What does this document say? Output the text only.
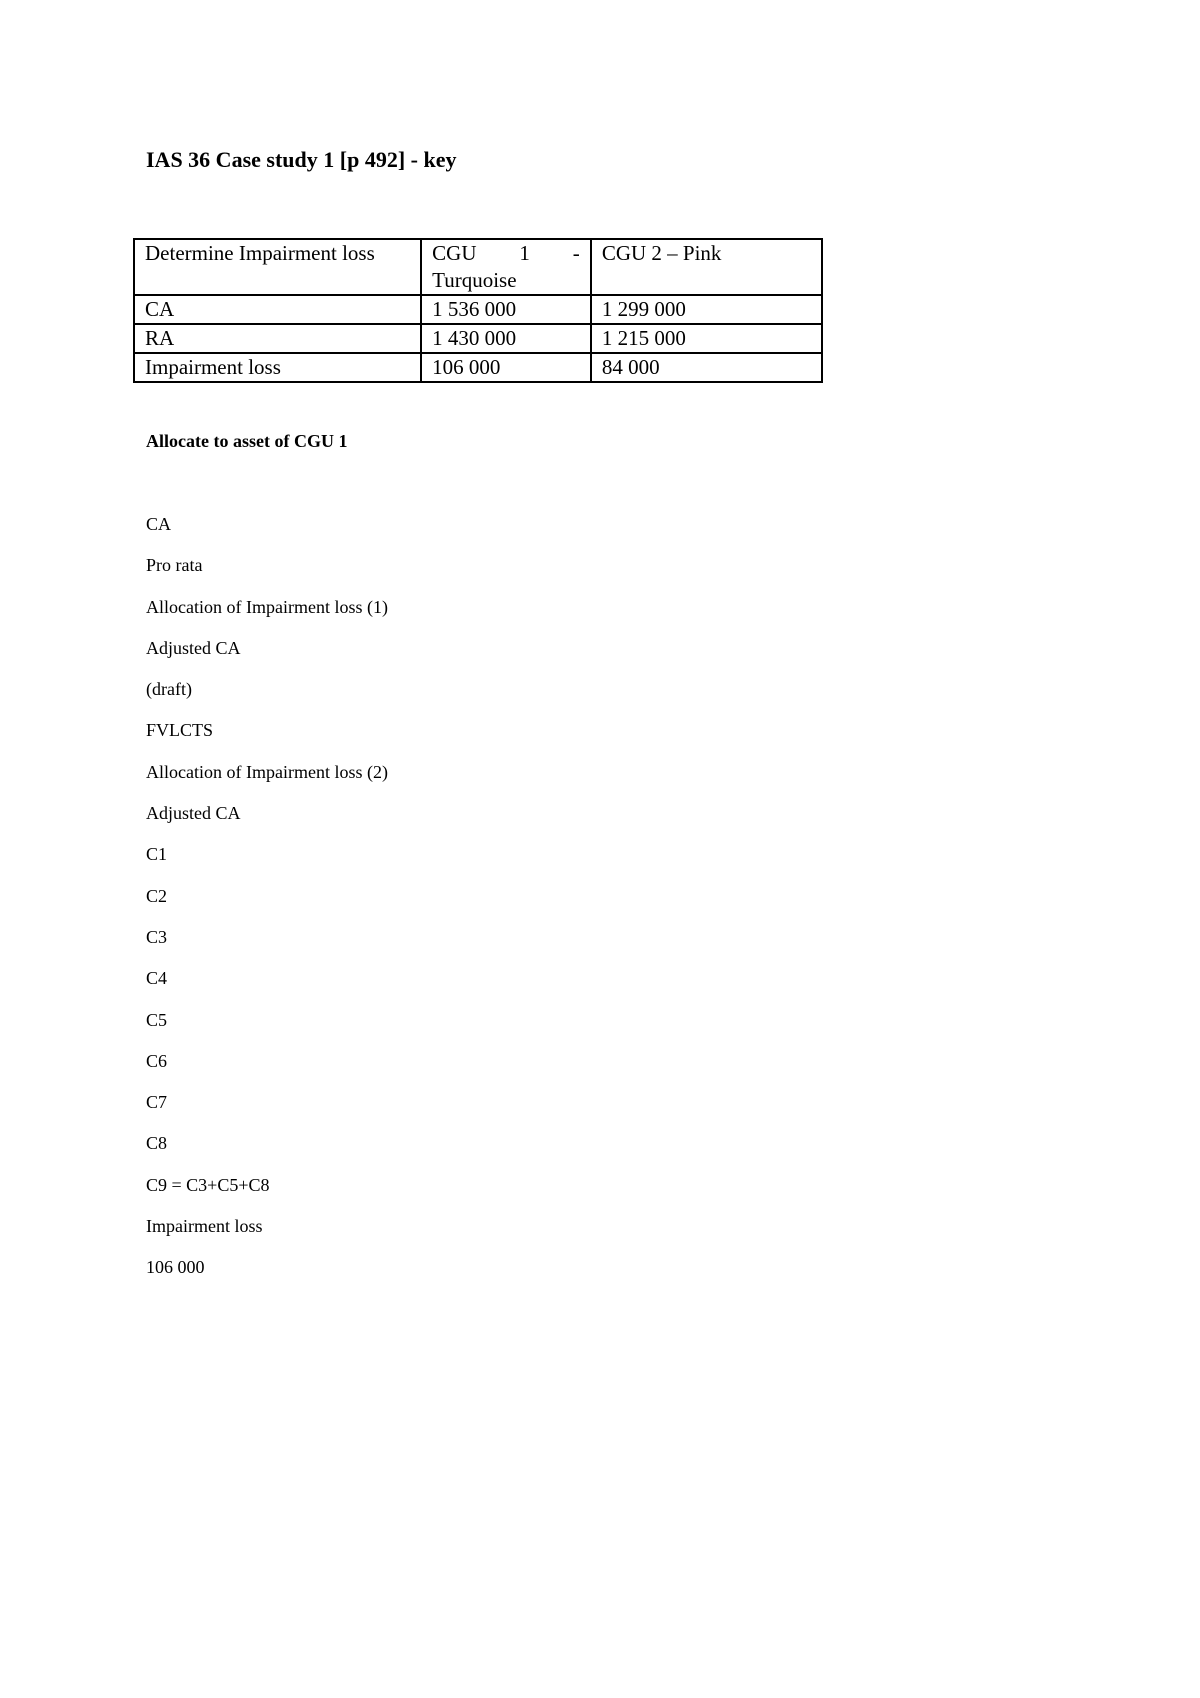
IAS 36 Case study 1 [p 492] - key
Determine Impairment loss	CGU 1 - Turquoise	CGU 2 – Pink
CA	1 536 000	1 299 000
RA	1 430 000	1 215 000
Impairment loss	106 000	84 000
Allocate to asset of CGU 1
CA
Pro rata
Allocation of Impairment loss (1)
Adjusted CA
(draft)
FVLCTS
Allocation of Impairment loss (2)
Adjusted CA
C1
C2
C3
C4
C5
C6
C7
C8
C9 = C3+C5+C8
Impairment loss
106 000
